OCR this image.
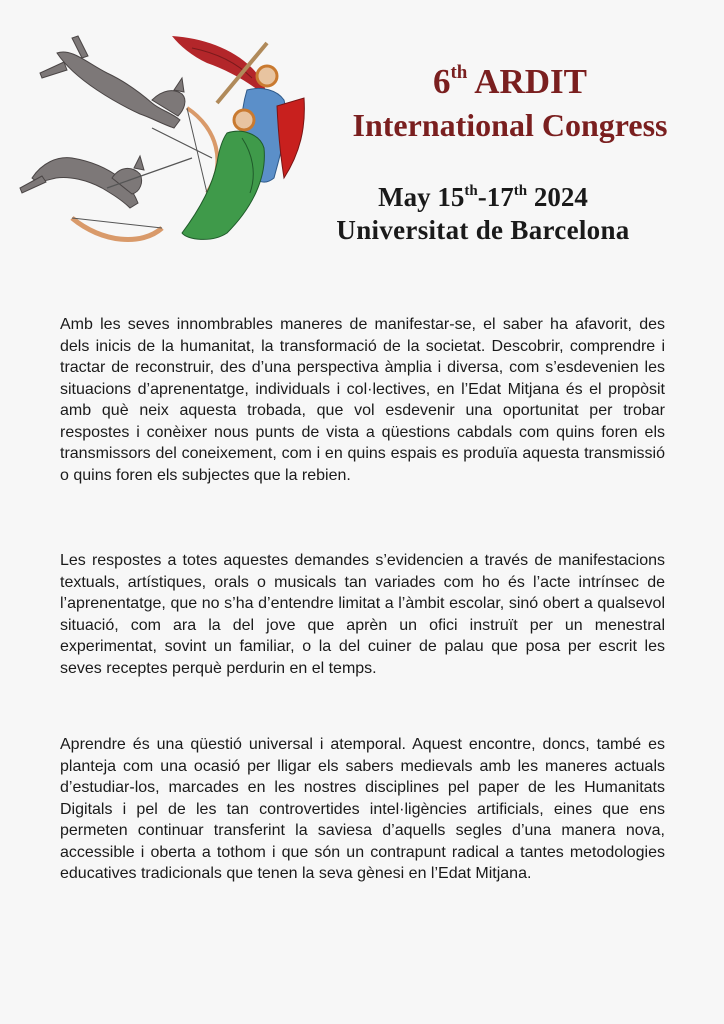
6th ARDIT
International Congress
May 15th-17th 2024
Universitat de Barcelona

Amb les seves innombrables maneres de manifestar-se, el saber ha afavorit, des dels inicis de la humanitat, la transformació de la societat. Descobrir, comprendre i tractar de reconstruir, des d’una perspectiva àmplia i diversa, com s’esdevenien les situacions d’aprenentatge, individuals i col·lectives, en l’Edat Mitjana és el propòsit amb què neix aquesta trobada, que vol esdevenir una oportunitat per trobar respostes i conèixer nous punts de vista a qüestions cabdals com quins foren els transmissors del coneixement, com i en quins espais es produïa aquesta transmissió o quins foren els subjectes que la rebien.

Les respostes a totes aquestes demandes s’evidencien a través de manifestacions textuals, artístiques, orals o musicals tan variades com ho és l’acte intrínsec de l’aprenentatge, que no s’ha d’entendre limitat a l’àmbit escolar, sinó obert a qualsevol situació, com ara la del jove que aprèn un ofici instruït per un menestral experimentat, sovint un familiar, o la del cuiner de palau que posa per escrit les seves receptes perquè perdurin en el temps.

Aprendre és una qüestió universal i atemporal. Aquest encontre, doncs, també es planteja com una ocasió per lligar els sabers medievals amb les maneres actuals d’estudiar-los, marcades en les nostres disciplines pel paper de les Humanitats Digitals i pel de les tan controvertides intel·ligències artificials, eines que ens permeten continuar transferint la saviesa d’aquells segles d’una manera nova, accessible i oberta a tothom i que són un contrapunt radical a tantes metodologies educatives tradicionals que tenen la seva gènesi en l’Edat Mitjana.
